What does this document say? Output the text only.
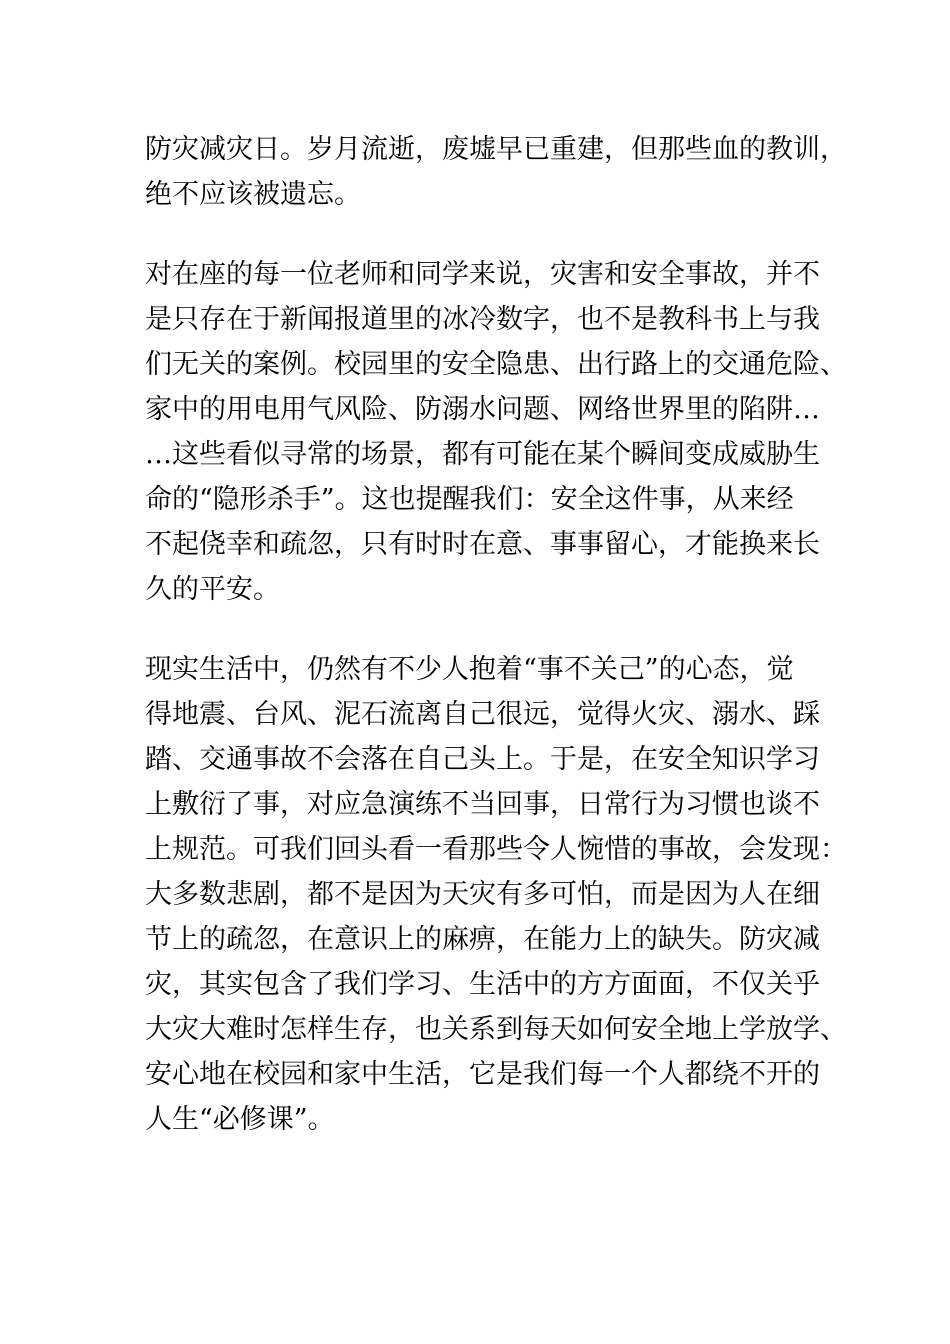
防灾减灾日。岁月流逝，废墟早已重建，但那些血的教训，
绝不应该被遗忘。
对在座的每一位老师和同学来说，灾害和安全事故，并不
是只存在于新闻报道里的冰冷数字，也不是教科书上与我
们无关的案例。校园里的安全隐患、出行路上的交通危险、
家中的用电用气风险、防溺水问题、网络世界里的陷阱…
…这些看似寻常的场景，都有可能在某个瞬间变成威胁生
命的“隐形杀手”。这也提醒我们：安全这件事，从来经
不起侥幸和疏忽，只有时时在意、事事留心，才能换来长
久的平安。
现实生活中，仍然有不少人抱着“事不关己”的心态，觉
得地震、台风、泥石流离自己很远，觉得火灾、溺水、踩
踏、交通事故不会落在自己头上。于是，在安全知识学习
上敷衍了事，对应急演练不当回事，日常行为习惯也谈不
上规范。可我们回头看一看那些令人惋惜的事故，会发现：
大多数悲剧，都不是因为天灾有多可怕，而是因为人在细
节上的疏忽，在意识上的麻痹，在能力上的缺失。防灾减
灾，其实包含了我们学习、生活中的方方面面，不仅关乎
大灾大难时怎样生存，也关系到每天如何安全地上学放学、
安心地在校园和家中生活，它是我们每一个人都绕不开的
人生“必修课”。
